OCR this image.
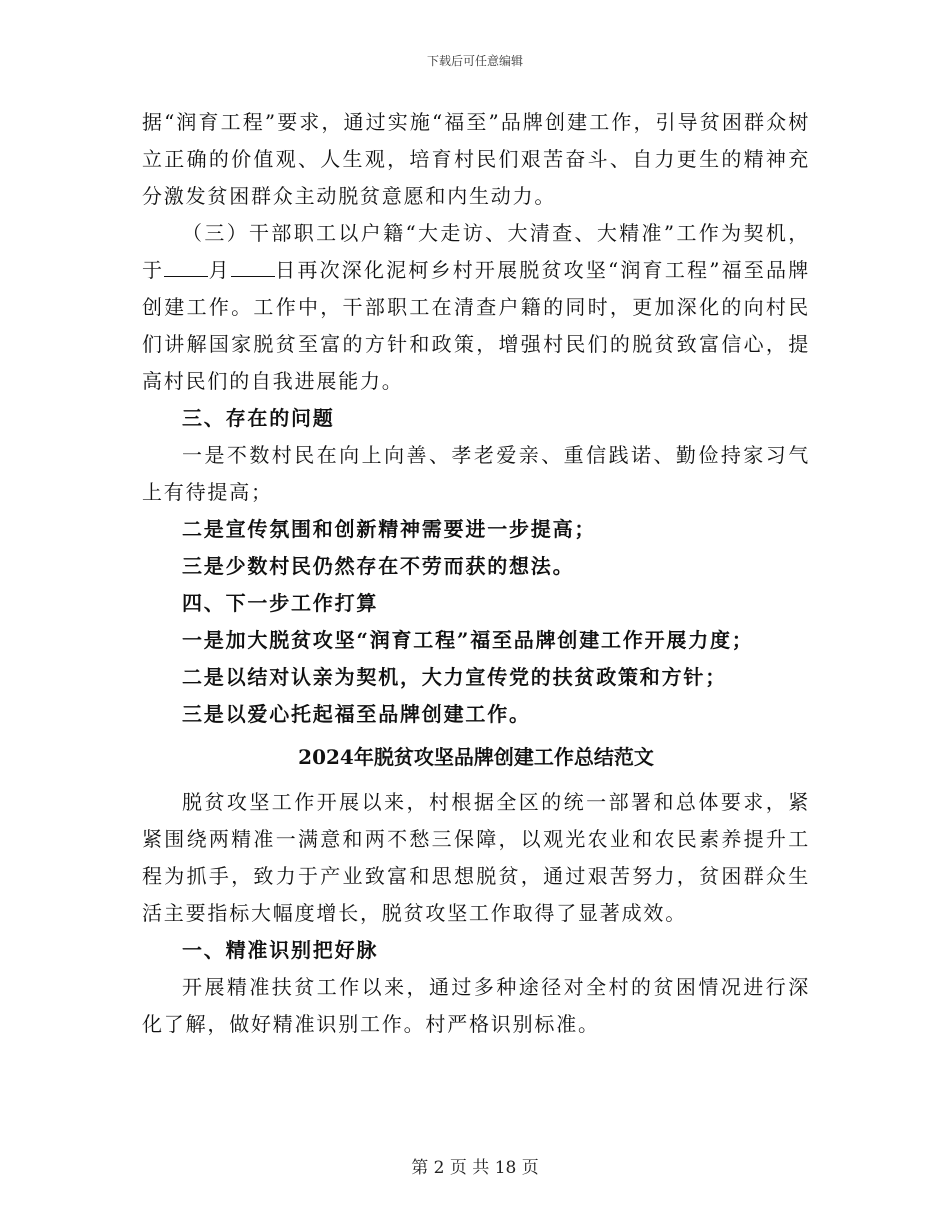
下载后可任意编辑

据“润育工程”要求，通过实施“福至”品牌创建工作，引导贫困群众树立正确的价值观、人生观，培育村民们艰苦奋斗、自力更生的精神充分激发贫困群众主动脱贫意愿和内生动力。

（三）干部职工以户籍“大走访、大清查、大精准”工作为契机，于 月 日再次深化泥柯乡村开展脱贫攻坚“润育工程”福至品牌创建工作。工作中，干部职工在清查户籍的同时，更加深化的向村民们讲解国家脱贫至富的方针和政策，增强村民们的脱贫致富信心，提高村民们的自我进展能力。

三、存在的问题

一是不数村民在向上向善、孝老爱亲、重信践诺、勤俭持家习气上有待提高；

二是宣传氛围和创新精神需要进一步提高；

三是少数村民仍然存在不劳而获的想法。

四、下一步工作打算

一是加大脱贫攻坚“润育工程”福至品牌创建工作开展力度；

二是以结对认亲为契机，大力宣传党的扶贫政策和方针；

三是以爱心托起福至品牌创建工作。

2024年脱贫攻坚品牌创建工作总结范文

脱贫攻坚工作开展以来，村根据全区的统一部署和总体要求，紧紧围绕两精准一满意和两不愁三保障，以观光农业和农民素养提升工程为抓手，致力于产业致富和思想脱贫，通过艰苦努力，贫困群众生活主要指标大幅度增长，脱贫攻坚工作取得了显著成效。

一、精准识别把好脉

开展精准扶贫工作以来，通过多种途径对全村的贫困情况进行深化了解，做好精准识别工作。村严格识别标准。

第 2 页 共 18 页
